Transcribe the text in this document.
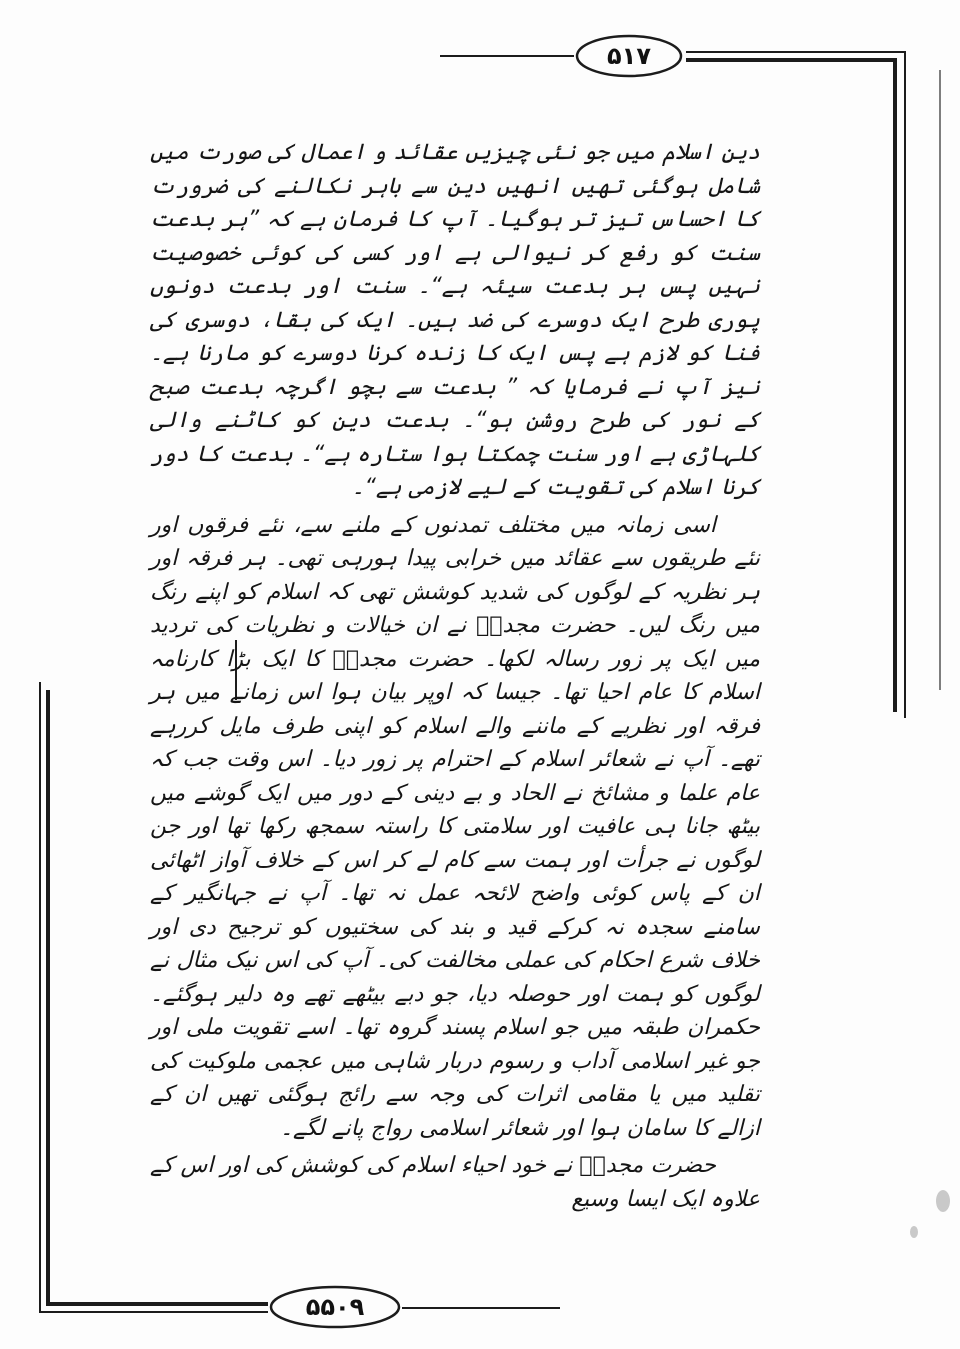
۵۱۷
۵۵۰۹

دینِ اسلام میں جو نئی چیزیں عقائد و اعمال کی صورت میں شامل ہوگئی تھیں انھیں دین سے باہر نکالنے کی ضرورت کا احساس تیز تر ہوگیا۔ آپ کا فرمان ہے کہ ”ہر بدعت سنت کو رفع کر نیوالی ہے اور کسی کی کوئی خصوصیت نہیں پس ہر بدعت سیئہ ہے“۔ سنت اور بدعت دونوں پوری طرح ایک دوسرے کی ضد ہیں۔ ایک کی بقا، دوسری کی فنا کو لازم ہے پس ایک کا زندہ کرنا دوسرے کو مارنا ہے۔ نیز آپ نے فرمایا کہ ” بدعت سے بچو اگرچہ بدعت صبح کے نور کی طرح روشن ہو“۔ بدعت دین کو کاٹنے والی کلہاڑی ہے اور سنت چمکتا ہوا ستارہ ہے“۔ بدعت کا دور کرنا اسلام کی تقویت کے لیے لازمی ہے“۔

اسی زمانہ میں مختلف تمدنوں کے ملنے سے، نئے فرقوں اور نئے طریقوں سے عقائد میں خرابی پیدا ہورہی تھی۔ ہر فرقہ اور ہر نظریہ کے لوگوں کی شدید کوشش تھی کہ اسلام کو اپنے رنگ میں رنگ لیں۔ حضرت مجددؒ نے ان خیالات و نظریات کی تردید میں ایک پر زور رسالہ لکھا۔ حضرت مجددؒ کا ایک بڑا کارنامہ اسلام کا عام احیا تھا۔ جیسا کہ اوپر بیان ہوا اس زمانے میں ہر فرقہ اور نظریے کے ماننے والے اسلام کو اپنی طرف مایل کررہے تھے۔ آپ نے شعائر اسلام کے احترام پر زور دیا۔ اس وقت جب کہ عام علما و مشائخ نے الحاد و بے دینی کے دور میں ایک گوشے میں بیٹھ جانا ہی عافیت اور سلامتی کا راستہ سمجھ رکھا تھا اور جن لوگوں نے جرأت اور ہمت سے کام لے کر اس کے خلاف آواز اٹھائی ان کے پاس کوئی واضح لائحہ عمل نہ تھا۔ آپ نے جہانگیر کے سامنے سجدہ نہ کرکے قید و بند کی سختیوں کو ترجیح دی اور خلاف شرع احکام کی عملی مخالفت کی۔ آپ کی اس نیک مثال نے لوگوں کو ہمت اور حوصلہ دیا، جو دبے بیٹھے تھے وہ دلیر ہوگئے۔ حکمران طبقہ میں جو اسلام پسند گروہ تھا۔ اسے تقویت ملی اور جو غیر اسلامی آداب و رسوم دربار شاہی میں عجمی ملوکیت کی تقلید میں یا مقامی اثرات کی وجہ سے رائج ہوگئی تھیں ان کے ازالے کا سامان ہوا اور شعائر اسلامی رواج پانے لگے۔

حضرت مجددؒ نے خود احیاء اسلام کی کوشش کی اور اس کے علاوہ ایک ایسا وسیع
